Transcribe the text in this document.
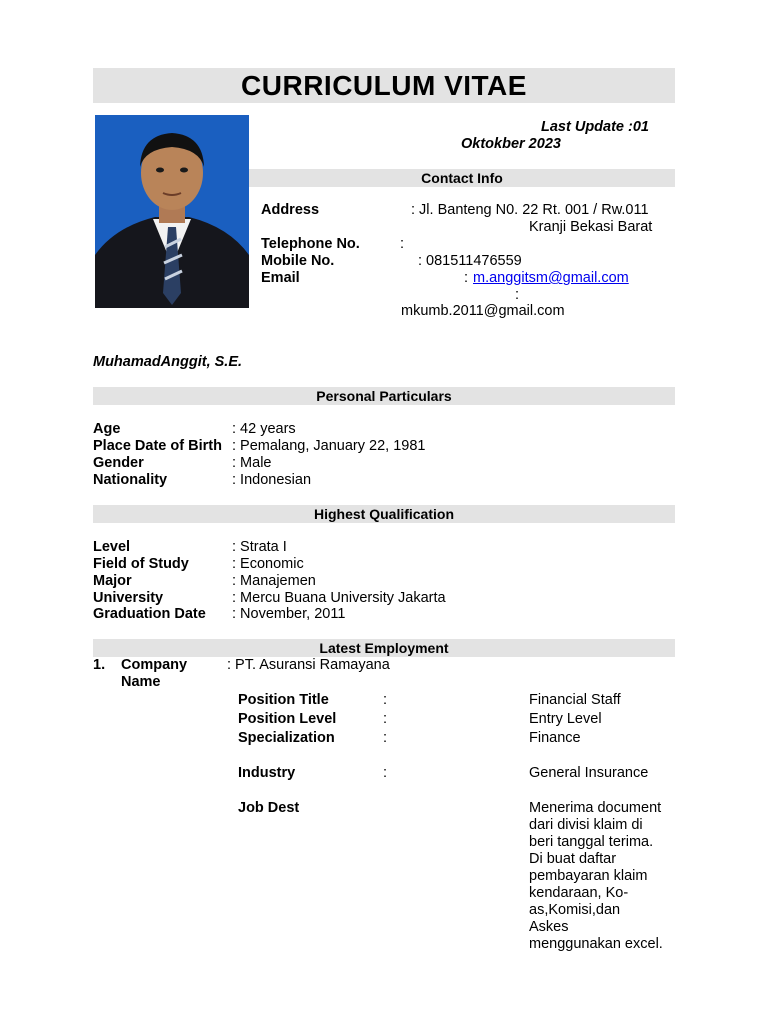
CURRICULUM VITAE
Last Update :01
Oktokber 2023
Contact Info
Address	: Jl. Banteng N0. 22 Rt. 001 / Rw.011
Kranji Bekasi Barat
Telephone No.	:
Mobile No.	: 081511476559
Email	: m.anggitsm@gmail.com
:
mkumb.2011@gmail.com
MuhamadAnggit, S.E.
Personal Particulars
Age	: 42 years
Place Date of Birth : Pemalang, January 22, 1981
Gender	: Male
Nationality	: Indonesian
Highest Qualification
Level	: Strata I
Field of Study	: Economic
Major	: Manajemen
University	: Mercu Buana University Jakarta
Graduation Date : November, 2011
Latest Employment
1. Company
Name
: PT. Asuransi Ramayana
Position Title	:	Financial Staff
Position Level	:	Entry Level
Specialization	:	Finance
Industry	:	General Insurance
Job Dest	Menerima document
dari divisi klaim di
beri tanggal terima.
Di buat daftar
pembayaran klaim
kendaraan, Ko-
as,Komisi,dan
Askes
menggunakan excel.
